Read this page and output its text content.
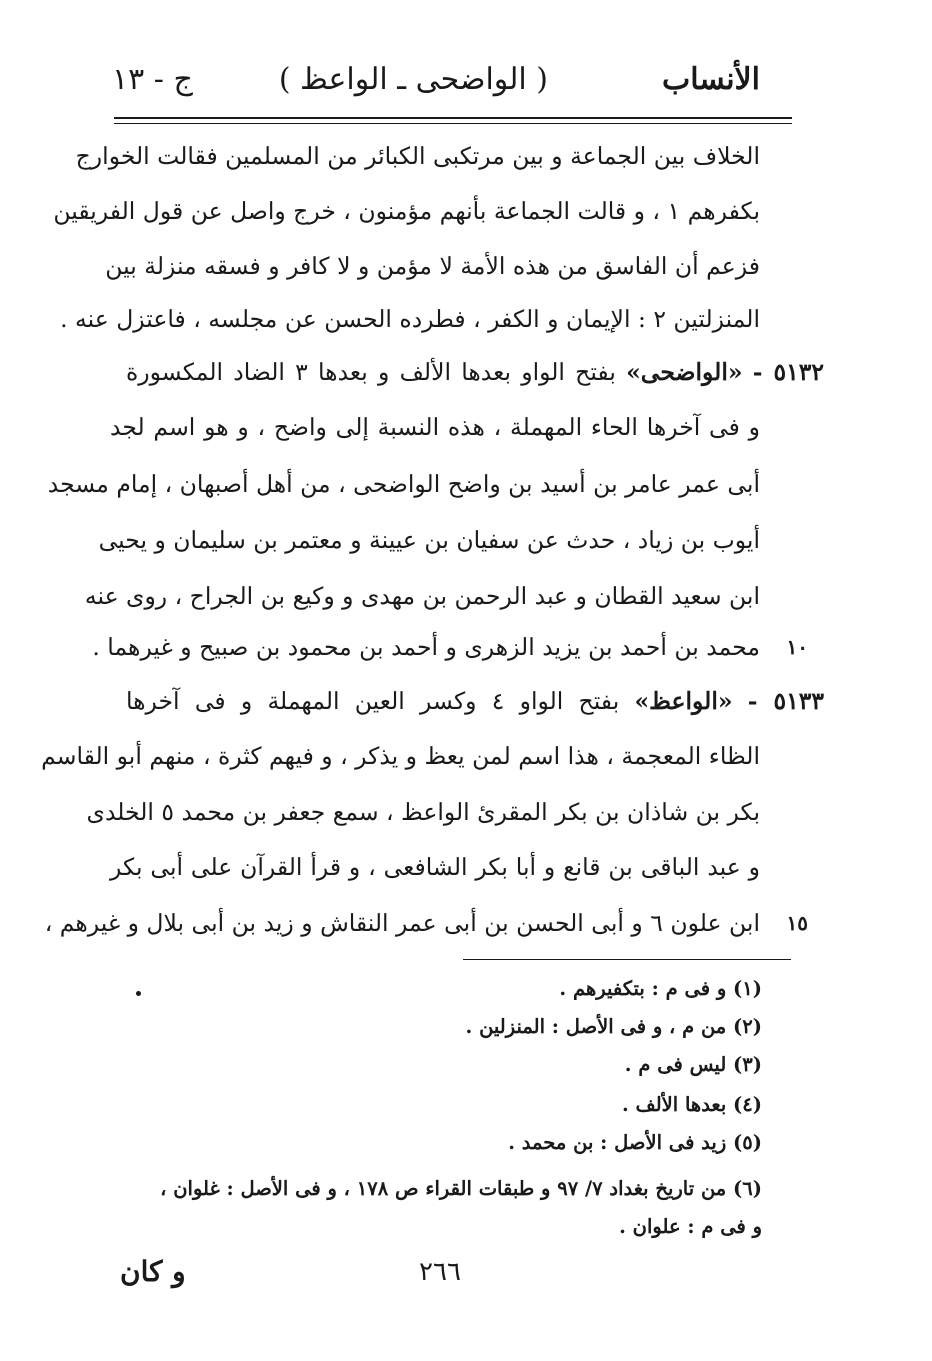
ج - ١٣	( الواضحى ـ الواعظ )	الأنساب
الخلاف بين الجماعة و بين مرتكبى الكبائر من المسلمين فقالت الخوارج
بكفرهم ١ ، و قالت الجماعة بأنهم مؤمنون ، خرج واصل عن قول الفريقين
فزعم أن الفاسق من هذه الأمة لا مؤمن و لا كافر و فسقه منزلة بين
المنزلتين ٢ : الإيمان و الكفر ، فطرده الحسن عن مجلسه ، فاعتزل عنه .
٥١٣٢ - «الواضحى» بفتح الواو بعدها الألف و بعدها ٣ الضاد المكسورة
و فى آخرها الحاء المهملة ، هذه النسبة إلى واضح ، و هو اسم لجد
أبى عمر عامر بن أسيد بن واضح الواضحى ، من أهل أصبهان ، إمام مسجد
أيوب بن زياد ، حدث عن سفيان بن عيينة و معتمر بن سليمان و يحيى
ابن سعيد القطان و عبد الرحمن بن مهدى و وكيع بن الجراح ، روى عنه
محمد بن أحمد بن يزيد الزهرى و أحمد بن محمود بن صبيح و غيرهما .	١٠
٥١٣٣ - «الواعظ» بفتح الواو ٤ وكسر العين المهملة و فى آخرها
الظاء المعجمة ، هذا اسم لمن يعظ و يذكر ، و فيهم كثرة ، منهم أبو القاسم
بكر بن شاذان بن بكر المقرئ الواعظ ، سمع جعفر بن محمد ٥ الخلدى
و عبد الباقى بن قانع و أبا بكر الشافعى ، و قرأ القرآن على أبى بكر
ابن علون ٦ و أبى الحسن بن أبى عمر النقاش و زيد بن أبى بلال و غيرهم ،	١٥
(١) و فى م : بتكفيرهم .
(٢) من م ، و فى الأصل : المنزلين .
(٣) ليس فى م .
(٤) بعدها الألف .
(٥) زيد فى الأصل : بن محمد .
(٦) من تاريخ بغداد ٧/ ٩٧ و طبقات القراء ص ١٧٨ ، و فى الأصل : غلوان ،
و فى م : علوان .
٢٦٦
و كان
